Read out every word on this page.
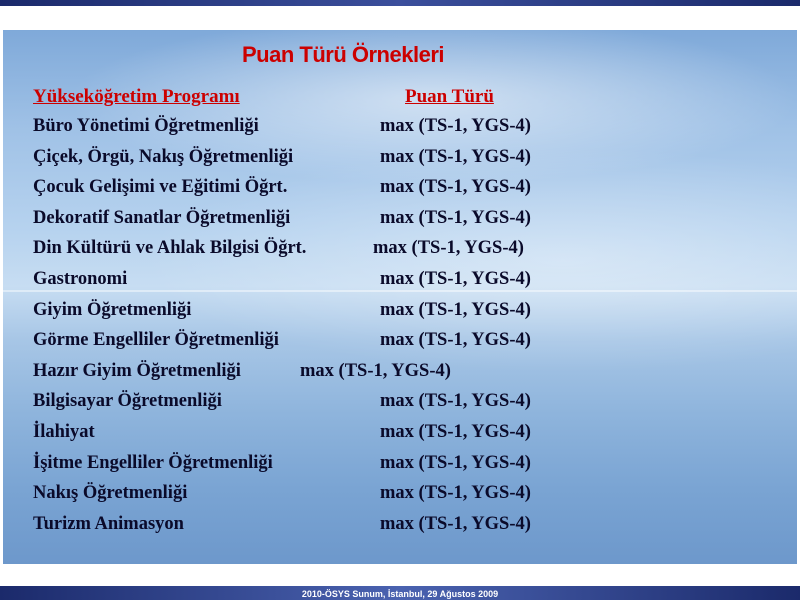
Puan Türü Örnekleri
Yükseköğretim Programı	Puan Türü
Büro Yönetimi Öğretmenliği	max (TS-1, YGS-4)
Çiçek, Örgü, Nakış Öğretmenliği	max (TS-1, YGS-4)
Çocuk Gelişimi ve Eğitimi Öğrt.	max (TS-1, YGS-4)
Dekoratif Sanatlar Öğretmenliği	max (TS-1, YGS-4)
Din Kültürü ve Ahlak Bilgisi Öğrt.	max (TS-1, YGS-4)
Gastronomi	max (TS-1, YGS-4)
Giyim Öğretmenliği	max (TS-1, YGS-4)
Görme Engelliler Öğretmenliği	max (TS-1, YGS-4)
Hazır Giyim Öğretmenliği	max (TS-1, YGS-4)
Bilgisayar Öğretmenliği	max (TS-1, YGS-4)
İlahiyat	max (TS-1, YGS-4)
İşitme Engelliler Öğretmenliği	max (TS-1, YGS-4)
Nakış Öğretmenliği	max (TS-1, YGS-4)
Turizm Animasyon	max (TS-1, YGS-4)
2010-ÖSYS Sunum, İstanbul, 29 Ağustos 2009
